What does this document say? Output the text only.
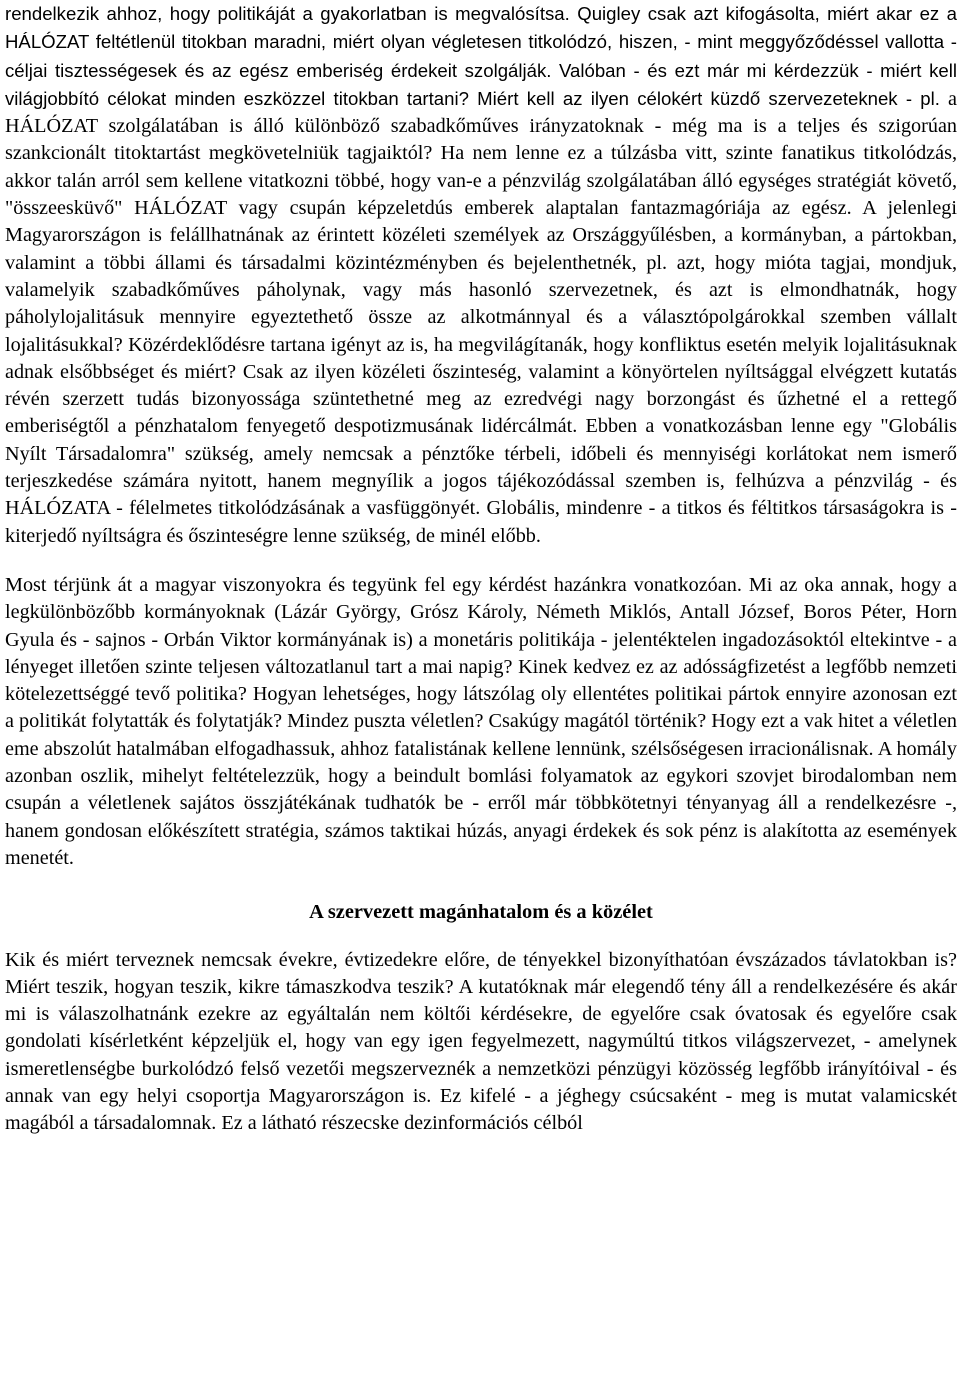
rendelkezik ahhoz, hogy politikáját a gyakorlatban is megvalósítsa. Quigley csak azt kifogásolta, miért akar ez a HÁLÓZAT feltétlenül titokban maradni, miért olyan végletesen titkolódzó, hiszen, - mint meggyőződéssel vallotta - céljai tisztességesek és az egész emberiség érdekeit szolgálják. Valóban - és ezt már mi kérdezzük - miért kell világjobbító célokat minden eszközzel titokban tartani? Miért kell az ilyen célokért küzdő szervezeteknek - pl. a HÁLÓZAT szolgálatában is álló különböző szabadkőműves irányzatoknak - még ma is a teljes és szigorúan szankcionált titoktartást megkövetelniük tagjaiktól? Ha nem lenne ez a túlzásba vitt, szinte fanatikus titkolódzás, akkor talán arról sem kellene vitatkozni többé, hogy van-e a pénzvilág szolgálatában álló egységes stratégiát követő, "összeesküvő" HÁLÓZAT vagy csupán képzeletdús emberek alaptalan fantazmagóriája az egész. A jelenlegi Magyarországon is felállhatnának az érintett közéleti személyek az Országgyűlésben, a kormányban, a pártokban, valamint a többi állami és társadalmi közintézményben és bejelenthetnék, pl. azt, hogy mióta tagjai, mondjuk, valamelyik szabadkőműves páholynak, vagy más hasonló szervezetnek, és azt is elmondhatnák, hogy páholylojalitásuk mennyire egyeztethető össze az alkotmánnyal és a választópolgárokkal szemben vállalt lojalitásukkal? Közérdeklődésre tartana igényt az is, ha megvilágítanák, hogy konfliktus esetén melyik lojalitásuknak adnak elsőbbséget és miért? Csak az ilyen közéleti őszinteség, valamint a könyörtelen nyíltsággal elvégzett kutatás révén szerzett tudás bizonyossága szüntethetné meg az ezredvégi nagy borzongást és űzhetné el a rettegő emberiségtől a pénzhatalom fenyegető despotizmusának lidércálmát. Ebben a vonatkozásban lenne egy "Globális Nyílt Társadalomra" szükség, amely nemcsak a pénztőke térbeli, időbeli és mennyiségi korlátokat nem ismerő terjeszkedése számára nyitott, hanem megnyílik a jogos tájékozódással szemben is, felhúzva a pénzvilág - és HÁLÓZATA - félelmetes titkolódzásának a vasfüggönyét. Globális, mindenre - a titkos és féltitkos társaságokra is - kiterjedő nyíltságra és őszinteségre lenne szükség, de minél előbb.

Most térjünk át a magyar viszonyokra és tegyünk fel egy kérdést hazánkra vonatkozóan. Mi az oka annak, hogy a legkülönbözőbb kormányoknak (Lázár György, Grósz Károly, Németh Miklós, Antall József, Boros Péter, Horn Gyula és - sajnos - Orbán Viktor kormányának is) a monetáris politikája - jelentéktelen ingadozásoktól eltekintve - a lényeget illetően szinte teljesen változatlanul tart a mai napig? Kinek kedvez ez az adósságfizetést a legfőbb nemzeti kötelezettséggé tevő politika? Hogyan lehetséges, hogy látszólag oly ellentétes politikai pártok ennyire azonosan ezt a politikát folytatták és folytatják? Mindez puszta véletlen? Csakúgy magától történik? Hogy ezt a vak hitet a véletlen eme abszolút hatalmában elfogadhassuk, ahhoz fatalistának kellene lennünk, szélsőségesen irracionálisnak. A homály azonban oszlik, mihelyt feltételezzük, hogy a beindult bomlási folyamatok az egykori szovjet birodalomban nem csupán a véletlenek sajátos összjátékának tudhatók be - erről már többkötetnyi tényanyag áll a rendelkezésre -, hanem gondosan előkészített stratégia, számos taktikai húzás, anyagi érdekek és sok pénz is alakította az események menetét.

A szervezett magánhatalom és a közélet

Kik és miért terveznek nemcsak évekre, évtizedekre előre, de tényekkel bizonyíthatóan évszázados távlatokban is? Miért teszik, hogyan teszik, kikre támaszkodva teszik? A kutatóknak már elegendő tény áll a rendelkezésére és akár mi is válaszolhatnánk ezekre az egyáltalán nem költői kérdésekre, de egyelőre csak óvatosak és egyelőre csak gondolati kísérletként képzeljük el, hogy van egy igen fegyelmezett, nagymúltú titkos világszervezet, - amelynek ismeretlenségbe burkolódzó felső vezetői megszerveznék a nemzetközi pénzügyi közösség legfőbb irányítóival - és annak van egy helyi csoportja Magyarországon is. Ez kifelé - a jéghegy csúcsaként - meg is mutat valamicskét magából a társadalomnak. Ez a látható részecske dezinformációs célból
